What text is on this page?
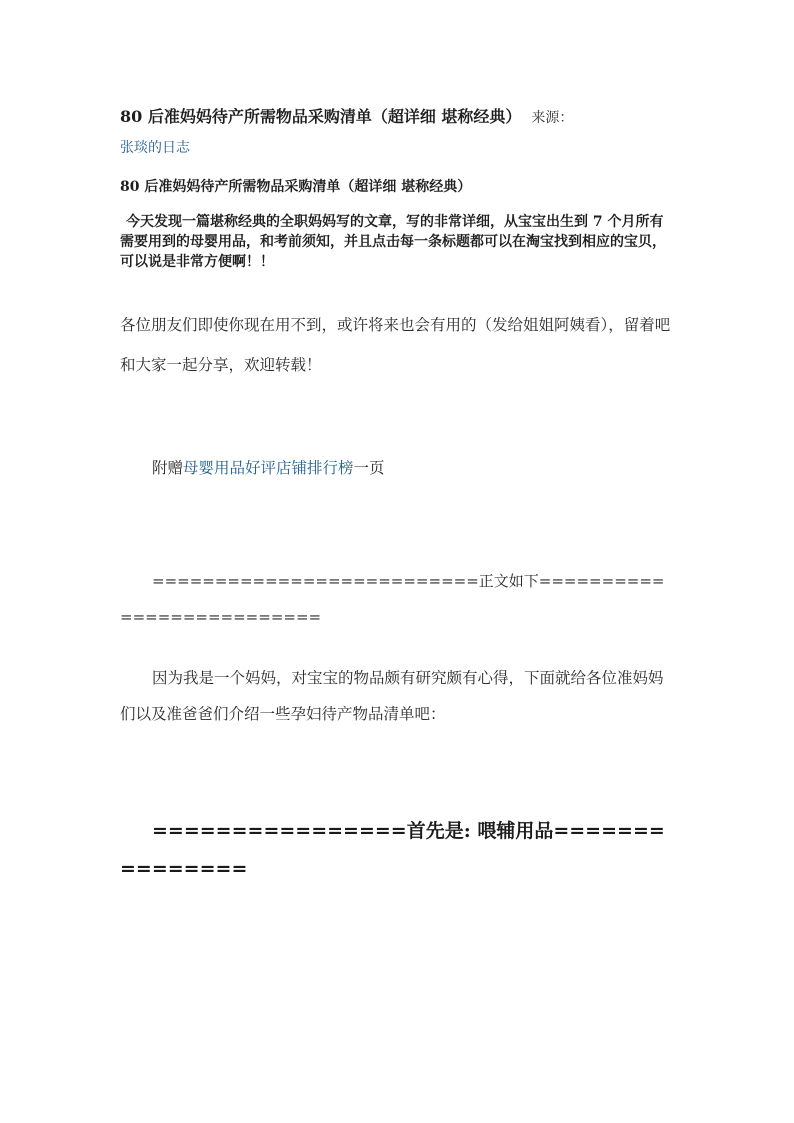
80 后准妈妈待产所需物品采购清单（超详细 堪称经典） 来源：
张琰的日志
80 后准妈妈待产所需物品采购清单（超详细 堪称经典）
今天发现一篇堪称经典的全职妈妈写的文章，写的非常详细，从宝宝出生到 7 个月所有需要用到的母婴用品，和考前须知，并且点击每一条标题都可以在淘宝找到相应的宝贝，可以说是非常方便啊！！
各位朋友们即使你现在用不到，或许将来也会有用的（发给姐姐阿姨看），留着吧和大家一起分享，欢迎转载！
附赠母婴用品好评店铺排行榜一页
==========================正文如下==========================
因为我是一个妈妈，对宝宝的物品颇有研究颇有心得，下面就给各位准妈妈们以及准爸爸们介绍一些孕妇待产物品清单吧：
================首先是: 喂辅用品===============
